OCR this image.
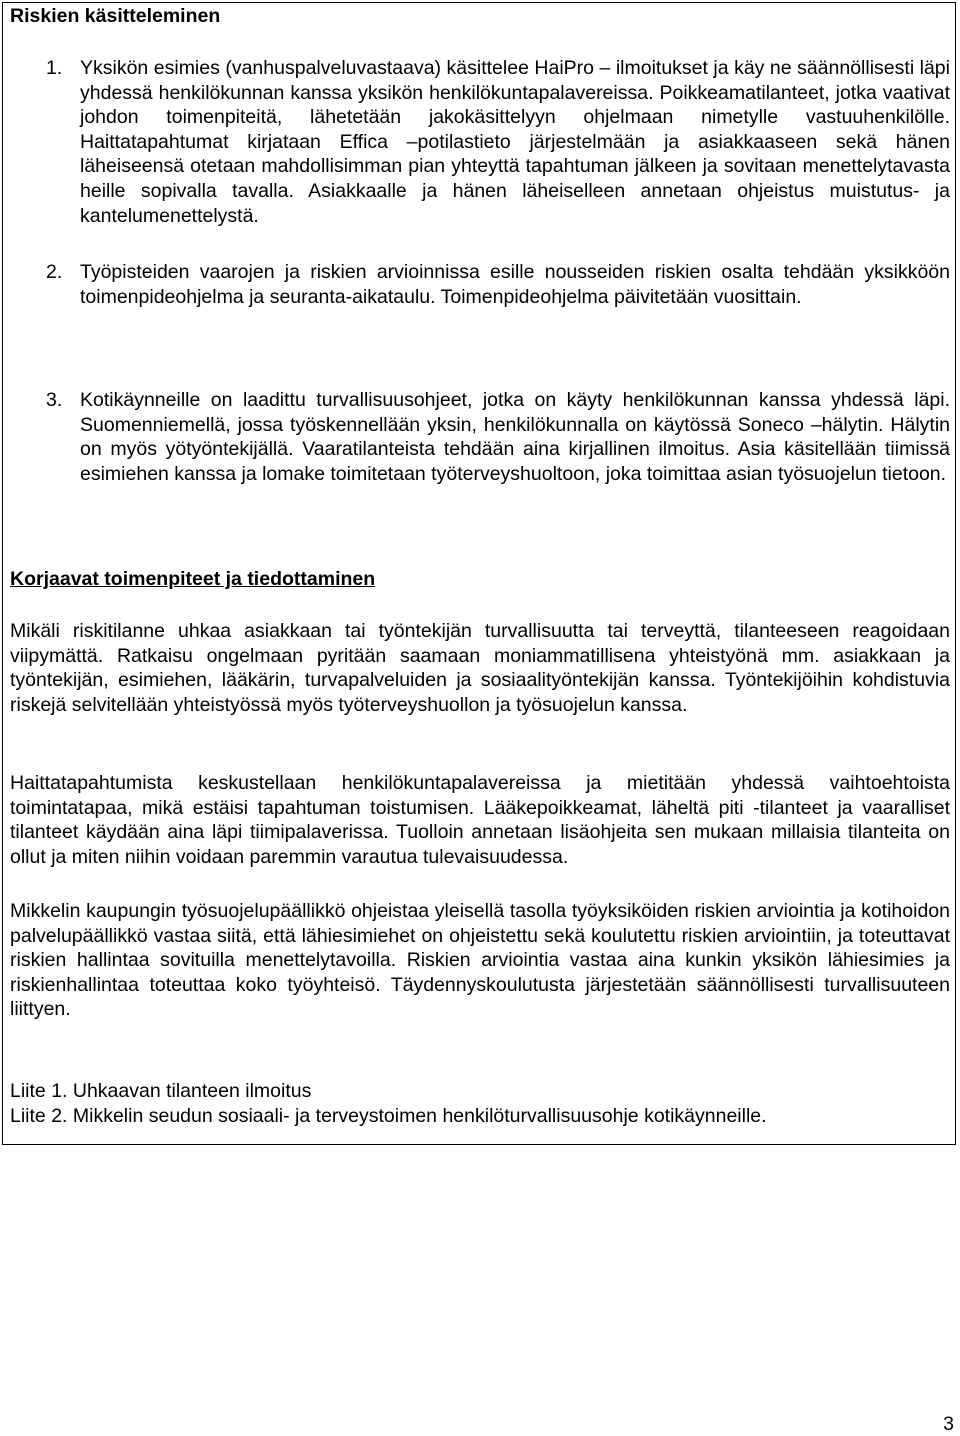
Riskien käsitteleminen
1. Yksikön esimies (vanhuspalveluvastaava) käsittelee HaiPro – ilmoitukset ja käy ne säännöllisesti läpi yhdessä henkilökunnan kanssa yksikön henkilökuntapalavereissa. Poikkeamatilanteet, jotka vaativat johdon toimenpiteitä, lähetetään jakokäsittelyyn ohjelmaan nimetylle vastuuhenkilölle. Haittatapahtumat kirjataan Effica –potilastieto järjestelmään ja asiakkaaseen sekä hänen läheiseensä otetaan mahdollisimman pian yhteyttä tapahtuman jälkeen ja sovitaan menettelytavasta heille sopivalla tavalla. Asiakkaalle ja hänen läheiselleen annetaan ohjeistus muistutus- ja kantelumenettelystä.
2. Työpisteiden vaarojen ja riskien arvioinnissa esille nousseiden riskien osalta tehdään yksikköön toimenpideohjelma ja seuranta-aikataulu. Toimenpideohjelma päivitetään vuosittain.
3. Kotikäynneille on laadittu turvallisuusohjeet, jotka on käyty henkilökunnan kanssa yhdessä läpi. Suomenniemellä, jossa työskennellään yksin, henkilökunnalla on käytössä Soneco –hälytin. Hälytin on myös yötyöntekijällä. Vaaratilanteista tehdään aina kirjallinen ilmoitus. Asia käsitellään tiimissä esimiehen kanssa ja lomake toimitetaan työterveyshuoltoon, joka toimittaa asian työsuojelun tietoon.
Korjaavat toimenpiteet ja tiedottaminen

Mikäli riskitilanne uhkaa asiakkaan tai työntekijän turvallisuutta tai terveyttä, tilanteeseen reagoidaan viipymättä. Ratkaisu ongelmaan pyritään saamaan moniammatillisena yhteistyönä mm. asiakkaan ja työntekijän, esimiehen, lääkärin, turvapalveluiden ja sosiaalityöntekijän kanssa. Työntekijöihin kohdistuvia riskejä selvitellään yhteistyössä myös työterveyshuollon ja työsuojelun kanssa.

Haittatapahtumista keskustellaan henkilökuntapalavereissa ja mietitään yhdessä vaihtoehtoista toimintatapaa, mikä estäisi tapahtuman toistumisen. Lääkepoikkeamat, läheltä piti -tilanteet ja vaaralliset tilanteet käydään aina läpi tiimipalaverissa. Tuolloin annetaan lisäohjeita sen mukaan millaisia tilanteita on ollut ja miten niihin voidaan paremmin varautua tulevaisuudessa.

Mikkelin kaupungin työsuojelupäällikkö ohjeistaa yleisellä tasolla työyksiköiden riskien arviointia ja kotihoidon palvelupäällikkö vastaa siitä, että lähiesimiehet on ohjeistettu sekä koulutettu riskien arviointiin, ja toteuttavat riskien hallintaa sovituilla menettelytavoilla. Riskien arviointia vastaa aina kunkin yksikön lähiesimies ja riskienhallintaa toteuttaa koko työyhteisö. Täydennyskoulutusta järjestetään säännöllisesti turvallisuuteen liittyen.

Liite 1. Uhkaavan tilanteen ilmoitus

Liite 2. Mikkelin seudun sosiaali- ja terveystoimen henkilöturvallisuusohje kotikäynneille.

3
